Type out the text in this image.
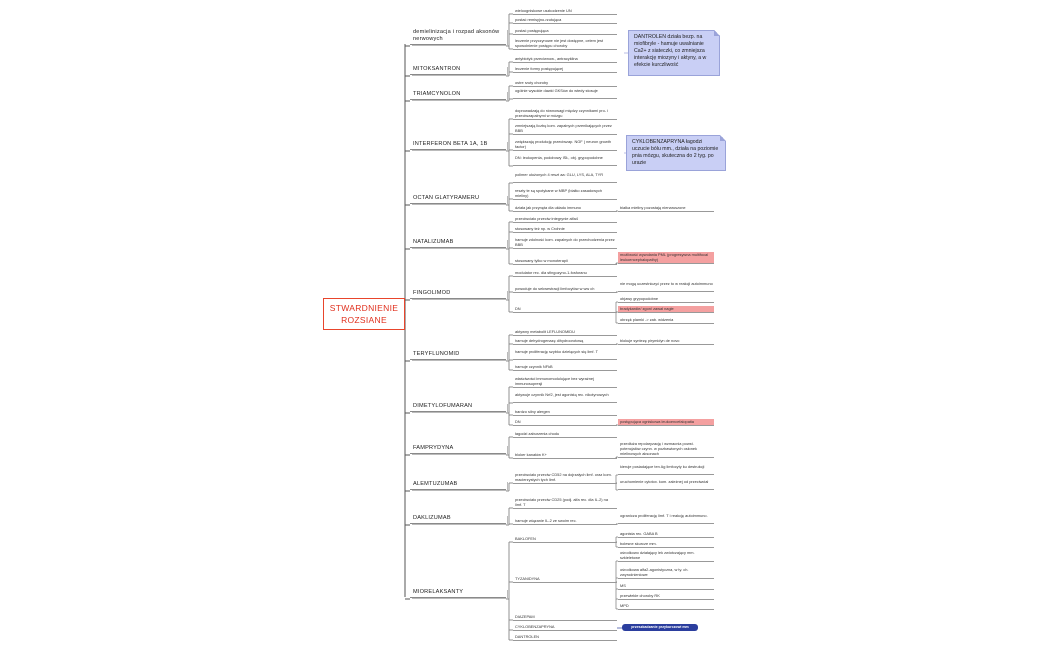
STWARDNIENIE ROZSIANE
DANTROLEN działa bezp. na miofibryle - hamuje uwalnianie Ca2+ z siateczki, co zmniejsza interakcję miozyny i aktyny, a w efekcie kurczliwość
CYKLOBENZAPRYNA łagodzi uczucie bólu mm., działa na poziomie pnia mózgu, skuteczna do 2 tyg. po urazie
przeszkadzanie przykurczowi mm
demielinizacja i rozpad aksonów nerwowych
MITOKSANTRON
TRIAMCYNOLON
INTERFERON BETA 1A, 1B
OCTAN GLATYRAMERU
NATALIZUMAB
FINGOLIMOD
TERYFLUNOMID
DIMETYLOFUMARAN
FAMPRYDYNA
ALEMTUZUMAB
DAKLIZUMAB
MIORELAKSANTY
wieloogniskowe uszkodzenie UN
postać remisyjno-rzutująca
postać postępująca
leczenie przyczynowe nie jest dostępne, celem jest spowolnienie postępu choroby
antybiotyk przeciwnow., antracyklina
leczenie formy postępującej
ostre rzuty choroby
ogólnie wysokie dawki GKSów do wtedy stosuje
doprowadzają do równowagi między czynnikami pro- i przeciwzapalnymi w mózgu
zmniejszają liczbę kom. zapalnych przenikających przez BBB
zwiększają produkcję przeciwzap. NGF ( neuron growth factor)
DN: leukopenia, podobowy ISŁ, obj. grypopodobne
polimer ułożonych 4 reszt aa: GLU, LYS, ALA, TYR
reszty te są spotykane w MBP (białko zasadowych mieliny)
działa jak przynęta dla układu immuno
przeciwciało przeciw integrynie alfa4
stosowany też np. w Crohnie
hamuje zdolność kom. zapalnych do przechodzenia przez BBB
stosowany tylko w monoterapii
modulator rec. dla sfingozyno-1-fosforanu
powoduje do sekwestracji limfocytów w ww ch
DN
aktywny metabolit LEFLUNOMIDU
hamuje dehydrogenazę dihydroorotową
hamuje proliferację szybko dzielących się limf. T
hamuje czynnik NFkB
właściwości immunomodulujące bez wyraźnej immunosupresji
aktywuje czynnik Nrf2, jest agonistą rec. nikotynowych
bardzo silny alergen
DN
łagodzi zaburzenia chodu
bloker kanałów K+
przeciwciało przeciw CD52 na dojrzałych limf. oraz kom. macierzystych tych limf.
przeciwciało przeciw CD25 (podj. alfa rec. dla IL-2) na limf. T
hamuje wiązanie IL-2 ze swoim rec.
BAKLOFEN
TYZANIDYNA
DIAZEPAM
CYKLOBENZAPRYNA
DANTROLEN
białka mieliny pozostają nienaruszone
możliwość wywołania PML (progresywna multifocal leukoencephalopathy)
nie mogą uczestniczyć przez to w reakcji autoimmuno
objawy grypopodobne
bradykardie/ zgon/ zawał nagłe
obrzęk plamki -> zab. widzenia
blokuje syntezę pirymidyn de novo
postępująca ogniskowa leukoencefalopatia
przedłuża repolaryzację i wzmacnia powst. potencjałów czynn. w pozbawionych osłonek mielinowych aksonach
kieruje posiadające ten Ag limfocyty ku destrukcji
uruchomienie cytotox. kom. zależnej od przeciwciał
ogranicza proliferację limf. T i reakcję autoimmuno.
agonista rec. GABA B
bolesne skurcze mm.
ośrodkowo działający lek zwiotczający mm. szkieletowe
ośrodkowa alfa2-agonistyczna, w ty. ch. zwyrodnieniowe
MS
przewlekłe choroby RK
MPD
